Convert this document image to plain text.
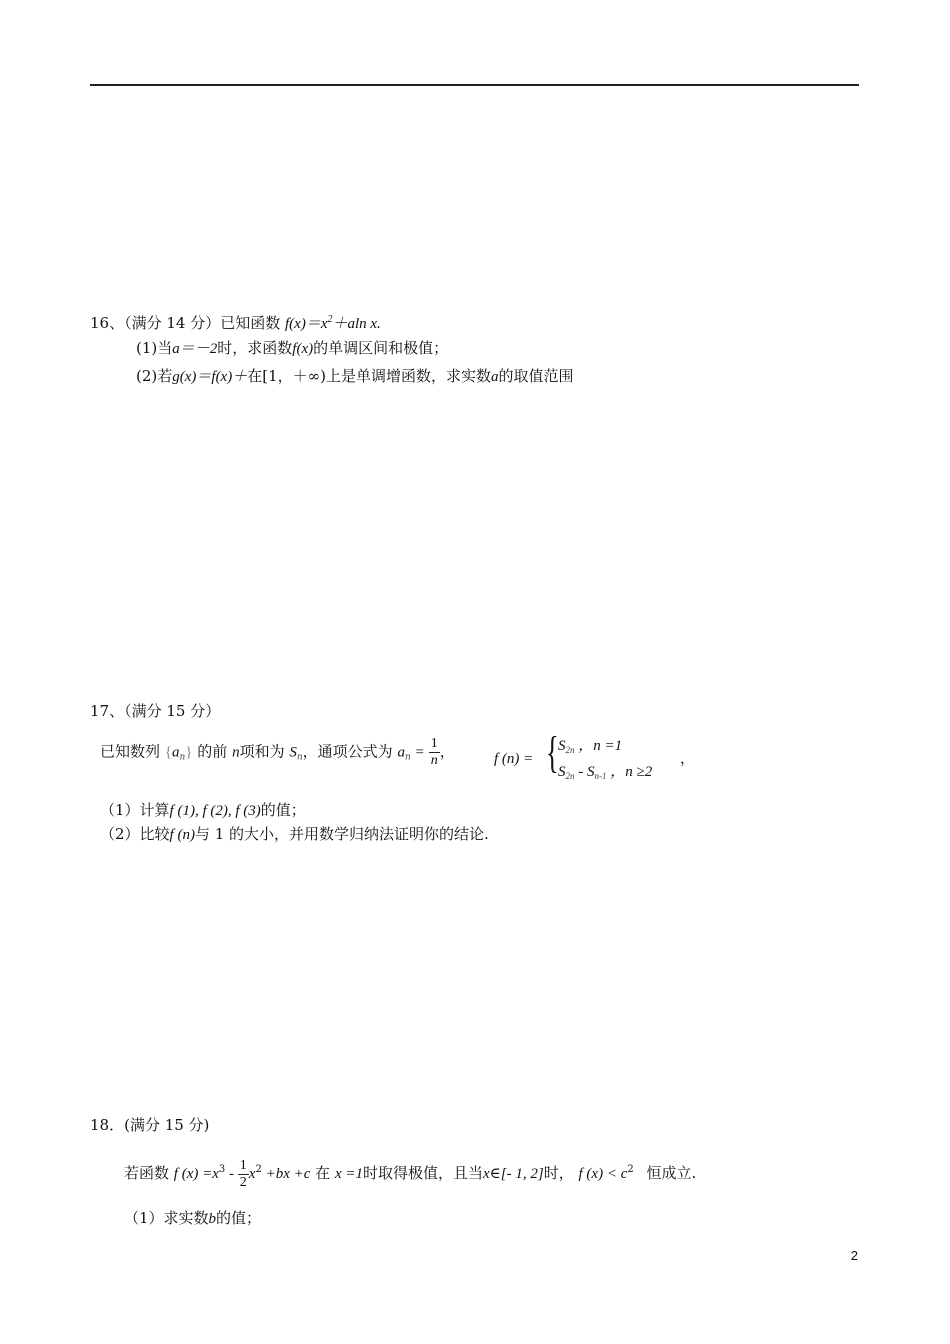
16、（满分 14 分）已知函数 $f(x)=x^2+aln$ x.
(1)当a＝－2时，求函数f(x)的单调区间和极值；
(2)若g(x)＝f(x)＋在[1，＋∞)上是单调增函数，求实数a的取值范围
17、（满分 15 分）
已知数列 $\{a_n\}$ 的前 n项和为 $S_n$，通项公式为 $a_n = \frac{1}{n}$ ，	f (n) = { $S_{2n}$ ，n =1
$S_{2n} - S_{n-1}$ ，n ≥2
，
（1）计算f (1), f (2), f (3)的值；
（2）比较f (n)与 1 的大小，并用数学归纳法证明你的结论.
18．(满分 15 分)
若函数 f $(x) =x^3 - \frac{1}{2} x^2 +bx +c$ 在 x =1时取得极值，且当x∈[- 1, 2]时， f $(x) < c^2$ 恒成立.
（1）求实数b的值；
2
